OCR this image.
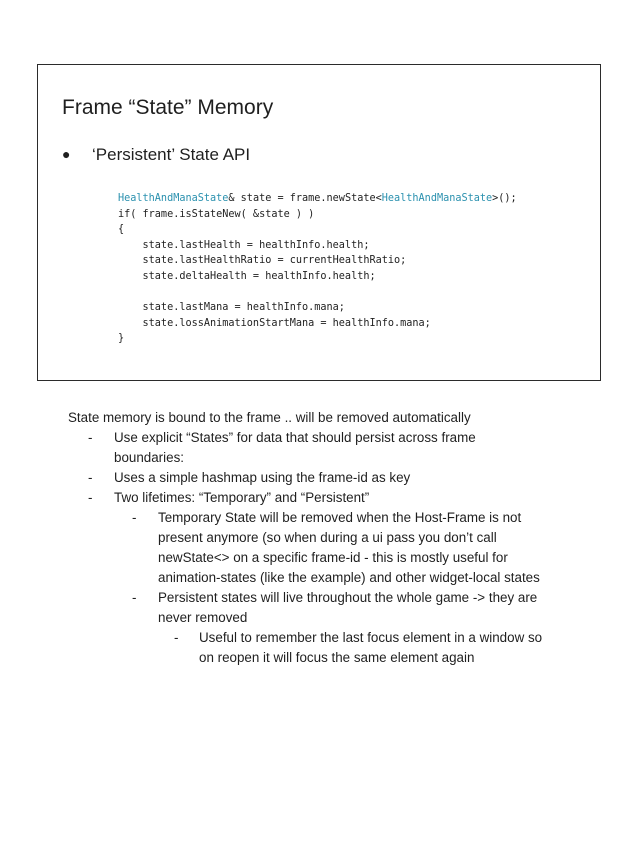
Frame “State” Memory
● ‘Persistent’ State API
HealthAndManaState& state = frame.newState<HealthAndManaState>();
if( frame.isStateNew( &state ) )
{
state.lastHealth = healthInfo.health;
state.lastHealthRatio = currentHealthRatio;
state.deltaHealth = healthInfo.health;
state.lastMana = healthInfo.mana;
state.lossAnimationStartMana = healthInfo.mana;
}
State memory is bound to the frame .. will be removed automatically
- Use explicit “States” for data that should persist across frame
boundaries:
- Uses a simple hashmap using the frame-id as key
- Two lifetimes: “Temporary” and “Persistent”
- Temporary State will be removed when the Host-Frame is not
present anymore (so when during a ui pass you don’t call
newState<> on a specific frame-id - this is mostly useful for
animation-states (like the example) and other widget-local states
- Persistent states will live throughout the whole game -> they are
never removed
- Useful to remember the last focus element in a window so
on reopen it will focus the same element again
